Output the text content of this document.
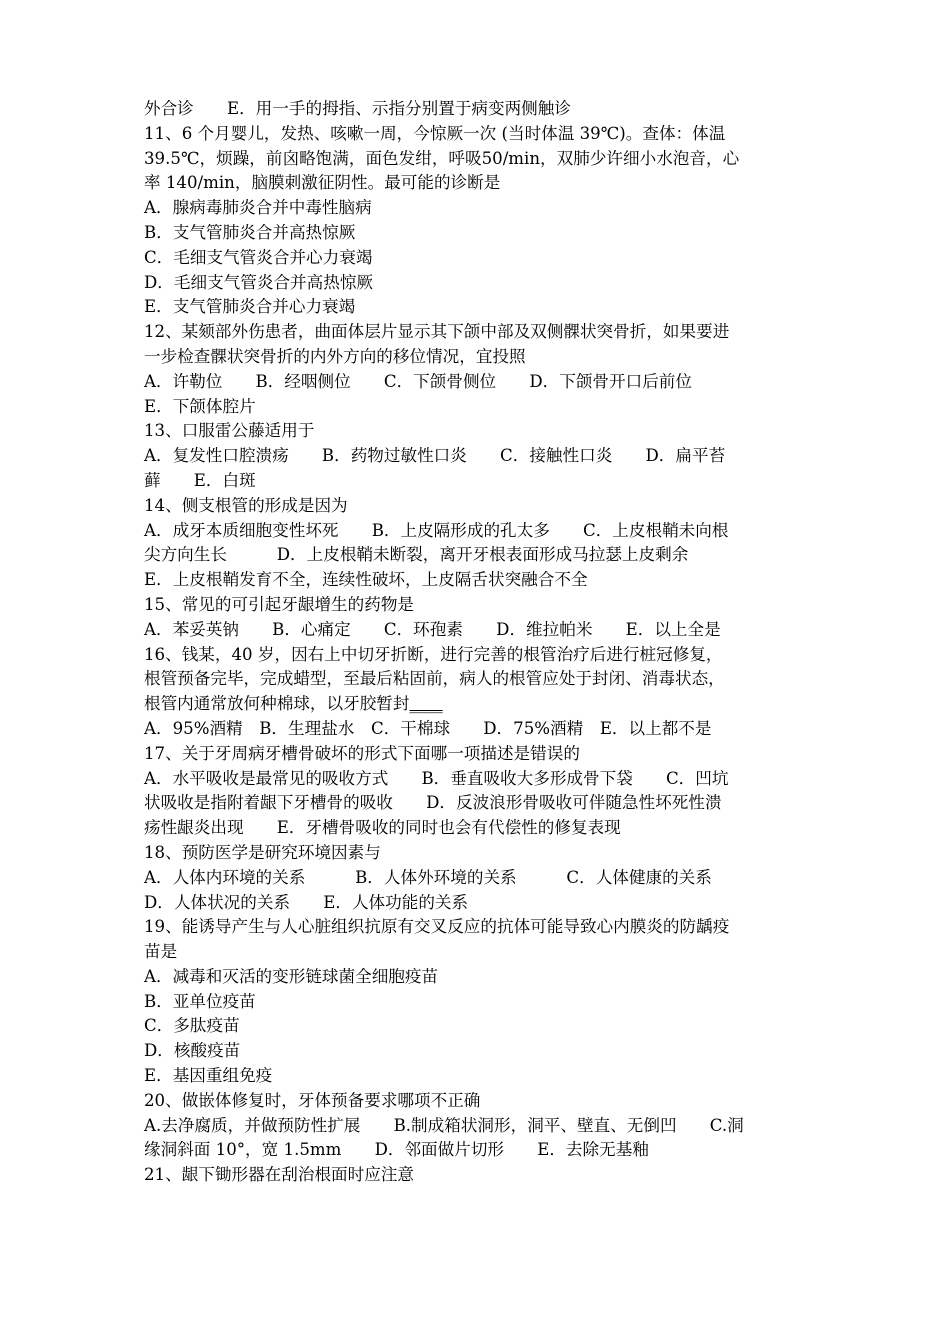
外合诊　　E．用一手的拇指、示指分别置于病变两侧触诊
11、6 个月婴儿，发热、咳嗽一周，今惊厥一次 (当时体温 39℃)。查体：体温
39.5℃，烦躁，前囟略饱满，面色发绀，呼吸50/min，双肺少许细小水泡音，心
率 140/min，脑膜刺激征阴性。最可能的诊断是
A．腺病毒肺炎合并中毒性脑病
B．支气管肺炎合并高热惊厥
C．毛细支气管炎合并心力衰竭
D．毛细支气管炎合并高热惊厥
E．支气管肺炎合并心力衰竭
12、某颏部外伤患者，曲面体层片显示其下颌中部及双侧髁状突骨折，如果要进
一步检查髁状突骨折的内外方向的移位情况，宜投照
A．许勒位　　B．经咽侧位　　C．下颌骨侧位　　D．下颌骨开口后前位
E．下颌体腔片
13、口服雷公藤适用于
A．复发性口腔溃疡　　B．药物过敏性口炎　　C．接触性口炎　　D．扁平苔
藓　　E．白斑
14、侧支根管的形成是因为
A．成牙本质细胞变性坏死　　B．上皮隔形成的孔太多　　C．上皮根鞘未向根
尖方向生长　　　D．上皮根鞘未断裂，离开牙根表面形成马拉瑟上皮剩余
E．上皮根鞘发育不全，连续性破坏，上皮隔舌状突融合不全
15、常见的可引起牙龈增生的药物是
A．苯妥英钠　　B．心痛定　　C．环孢素　　D．维拉帕米　　E．以上全是
16、钱某，40 岁，因右上中切牙折断，进行完善的根管治疗后进行桩冠修复，
根管预备完毕，完成蜡型，至最后粘固前，病人的根管应处于封闭、消毒状态，
根管内通常放何种棉球，以牙胶暂封____
A．95%酒精　B．生理盐水　C．干棉球　　D．75%酒精　E．以上都不是
17、关于牙周病牙槽骨破坏的形式下面哪一项描述是错误的
A．水平吸收是最常见的吸收方式　　B．垂直吸收大多形成骨下袋　　C．凹坑
状吸收是指附着龈下牙槽骨的吸收　　D．反波浪形骨吸收可伴随急性坏死性溃
疡性龈炎出现　　E．牙槽骨吸收的同时也会有代偿性的修复表现
18、预防医学是研究环境因素与
A．人体内环境的关系　　　B．人体外环境的关系　　　C．人体健康的关系
D．人体状况的关系　　E．人体功能的关系
19、能诱导产生与人心脏组织抗原有交叉反应的抗体可能导致心内膜炎的防龋疫
苗是
A．减毒和灭活的变形链球菌全细胞疫苗
B．亚单位疫苗
C．多肽疫苗
D．核酸疫苗
E．基因重组免疫
20、做嵌体修复时，牙体预备要求哪项不正确
A.去净腐质，并做预防性扩展　　B.制成箱状洞形，洞平、壁直、无倒凹　　C.洞
缘洞斜面 10°，宽 1.5mm　　D．邻面做片切形　　E．去除无基釉
21、龈下锄形器在刮治根面时应注意
